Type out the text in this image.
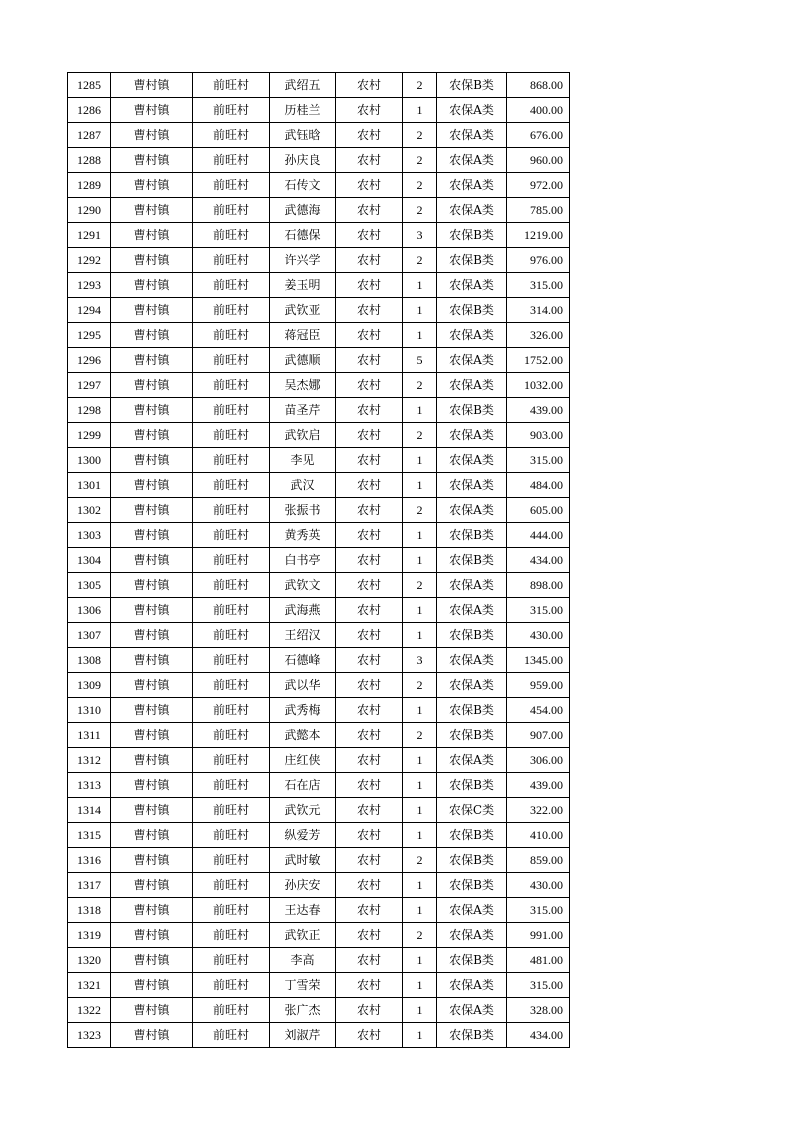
1285	曹村镇	前旺村	武绍五	农村	2	农保B类	868.00
1286	曹村镇	前旺村	历桂兰	农村	1	农保A类	400.00
1287	曹村镇	前旺村	武钰晗	农村	2	农保A类	676.00
1288	曹村镇	前旺村	孙庆良	农村	2	农保A类	960.00
1289	曹村镇	前旺村	石传文	农村	2	农保A类	972.00
1290	曹村镇	前旺村	武德海	农村	2	农保A类	785.00
1291	曹村镇	前旺村	石德保	农村	3	农保B类	1219.00
1292	曹村镇	前旺村	许兴学	农村	2	农保B类	976.00
1293	曹村镇	前旺村	姜玉明	农村	1	农保A类	315.00
1294	曹村镇	前旺村	武钦亚	农村	1	农保B类	314.00
1295	曹村镇	前旺村	蒋冠臣	农村	1	农保A类	326.00
1296	曹村镇	前旺村	武德顺	农村	5	农保A类	1752.00
1297	曹村镇	前旺村	吴杰娜	农村	2	农保A类	1032.00
1298	曹村镇	前旺村	苗圣芹	农村	1	农保B类	439.00
1299	曹村镇	前旺村	武钦启	农村	2	农保A类	903.00
1300	曹村镇	前旺村	李见	农村	1	农保A类	315.00
1301	曹村镇	前旺村	武汉	农村	1	农保A类	484.00
1302	曹村镇	前旺村	张振书	农村	2	农保A类	605.00
1303	曹村镇	前旺村	黄秀英	农村	1	农保B类	444.00
1304	曹村镇	前旺村	白书亭	农村	1	农保B类	434.00
1305	曹村镇	前旺村	武钦文	农村	2	农保A类	898.00
1306	曹村镇	前旺村	武海燕	农村	1	农保A类	315.00
1307	曹村镇	前旺村	王绍汉	农村	1	农保B类	430.00
1308	曹村镇	前旺村	石德峰	农村	3	农保A类	1345.00
1309	曹村镇	前旺村	武以华	农村	2	农保A类	959.00
1310	曹村镇	前旺村	武秀梅	农村	1	农保B类	454.00
1311	曹村镇	前旺村	武懿本	农村	2	农保B类	907.00
1312	曹村镇	前旺村	庄红侠	农村	1	农保A类	306.00
1313	曹村镇	前旺村	石在店	农村	1	农保B类	439.00
1314	曹村镇	前旺村	武钦元	农村	1	农保C类	322.00
1315	曹村镇	前旺村	纵爱芳	农村	1	农保B类	410.00
1316	曹村镇	前旺村	武时敏	农村	2	农保B类	859.00
1317	曹村镇	前旺村	孙庆安	农村	1	农保B类	430.00
1318	曹村镇	前旺村	王达春	农村	1	农保A类	315.00
1319	曹村镇	前旺村	武钦正	农村	2	农保A类	991.00
1320	曹村镇	前旺村	李高	农村	1	农保B类	481.00
1321	曹村镇	前旺村	丁雪荣	农村	1	农保A类	315.00
1322	曹村镇	前旺村	张广杰	农村	1	农保A类	328.00
1323	曹村镇	前旺村	刘淑芹	农村	1	农保B类	434.00
